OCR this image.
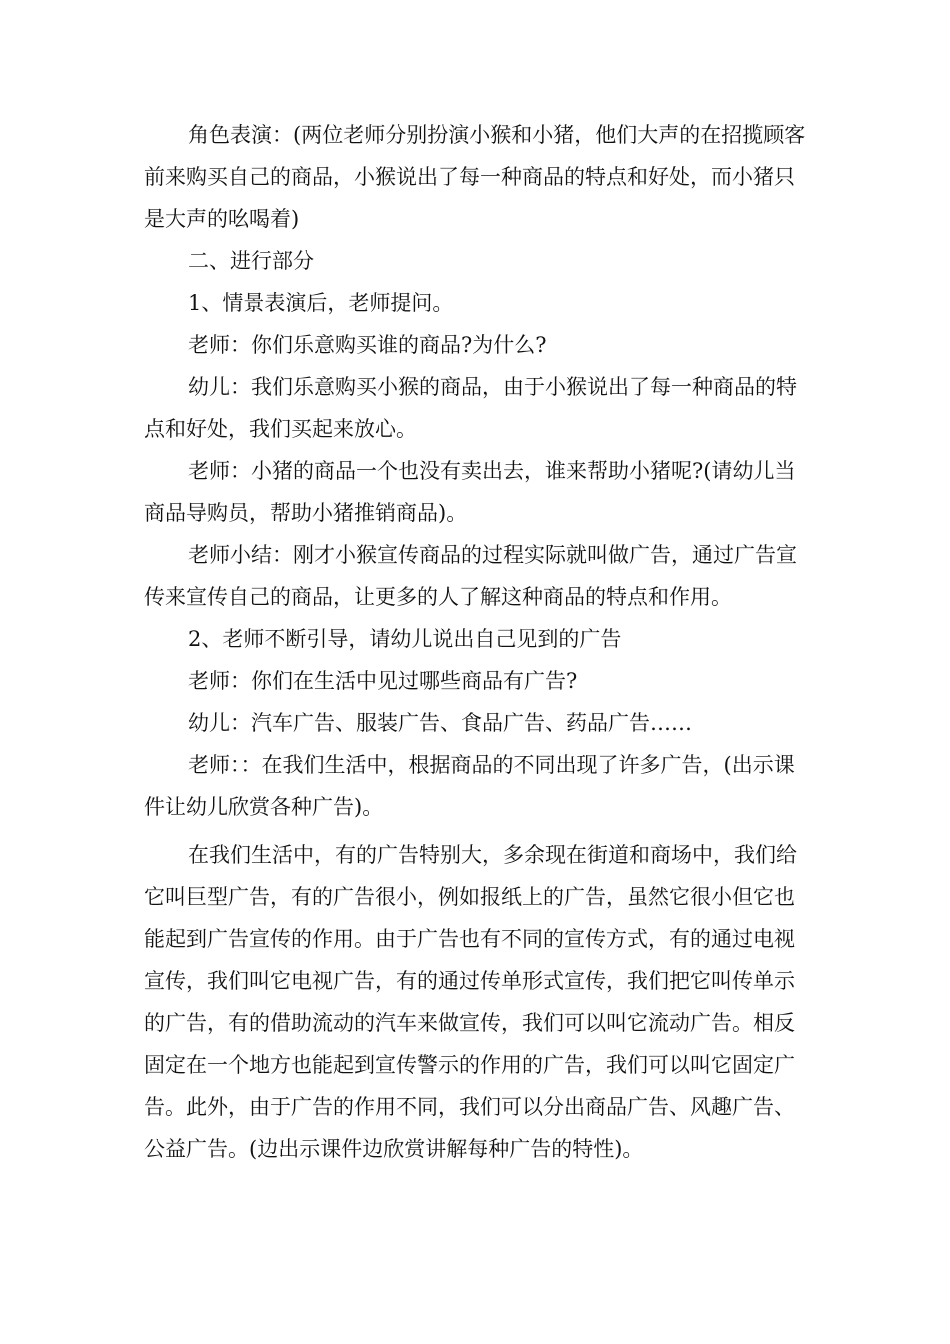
角色表演：(两位老师分别扮演小猴和小猪，他们大声的在招揽顾客前来购买自己的商品，小猴说出了每一种商品的特点和好处，而小猪只是大声的吆喝着)

二、进行部分

1、情景表演后，老师提问。

老师：你们乐意购买谁的商品?为什么?

幼儿：我们乐意购买小猴的商品，由于小猴说出了每一种商品的特点和好处，我们买起来放心。

老师：小猪的商品一个也没有卖出去，谁来帮助小猪呢?(请幼儿当商品导购员，帮助小猪推销商品)。

老师小结：刚才小猴宣传商品的过程实际就叫做广告，通过广告宣传来宣传自己的商品，让更多的人了解这种商品的特点和作用。

2、老师不断引导，请幼儿说出自己见到的广告

老师：你们在生活中见过哪些商品有广告?

幼儿：汽车广告、服装广告、食品广告、药品广告……

老师：：在我们生活中，根据商品的不同出现了许多广告，(出示课件让幼儿欣赏各种广告)。

在我们生活中，有的广告特别大，多余现在街道和商场中，我们给它叫巨型广告，有的广告很小，例如报纸上的广告，虽然它很小但它也能起到广告宣传的作用。由于广告也有不同的宣传方式，有的通过电视宣传，我们叫它电视广告，有的通过传单形式宣传，我们把它叫传单示的广告，有的借助流动的汽车来做宣传，我们可以叫它流动广告。相反固定在一个地方也能起到宣传警示的作用的广告，我们可以叫它固定广告。此外，由于广告的作用不同，我们可以分出商品广告、风趣广告、公益广告。(边出示课件边欣赏讲解每种广告的特性)。
